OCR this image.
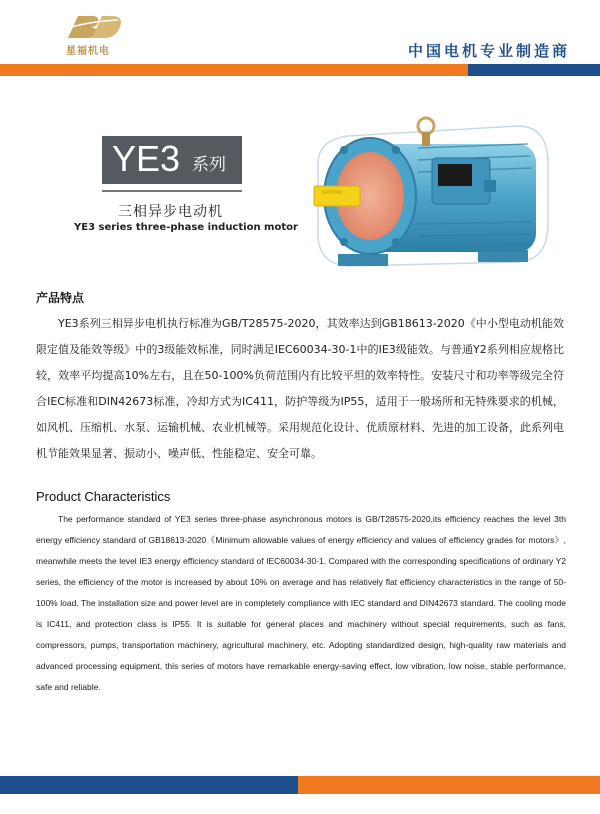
星福机电	中国电机专业制造商
YE3 系列
三相异步电动机
YE3 series three-phase induction motor
产品特点

YE3系列三相异步电机执行标准为GB/T28575-2020，其效率达到GB18613-2020《中小型电动机能效限定值及能效等级》中的3级能效标准，同时满足IEC60034-30-1中的IE3级能效。与普通Y2系列相应规格比较，效率平均提高10%左右，且在50-100%负荷范围内有比较平坦的效率特性。安装尺寸和功率等级完全符合IEC标准和DIN42673标准，冷却方式为IC411，防护等级为IP55，适用于一般场所和无特殊要求的机械，如风机、压缩机、水泵、运输机械、农业机械等。采用规范化设计、优质原材料、先进的加工设备，此系列电机节能效果显著、振动小、噪声低、性能稳定、安全可靠。

Product Characteristics

The performance standard of YE3 series three-phase asynchronous motors is GB/T28575-2020,its efficiency reaches the level 3th energy efficiency standard of GB18613-2020《Minimum allowable values of energy efficiency and values of efficiency grades for motors》, meanwhile meets the level IE3 energy efficiency standard of IEC60034-30-1. Compared with the corresponding specifications of ordinary Y2 series, the efficiency of the motor is increased by about 10% on average and has relatively flat efficiency characteristics in the range of 50-100% load. The installation size and power level are in completely compliance with IEC standard and DIN42673 standard. The cooling mode is IC411, and protection class is IP55. It is suitable for general places and machinery without special requirements, such as fans, compressors, pumps, transportation machinery, agricultural machinery, etc. Adopting standardized design, high-quality raw materials and advanced processing equipment, this series of motors have remarkable energy-saving effect, low vibration, low noise, stable performance, safe and reliable.
